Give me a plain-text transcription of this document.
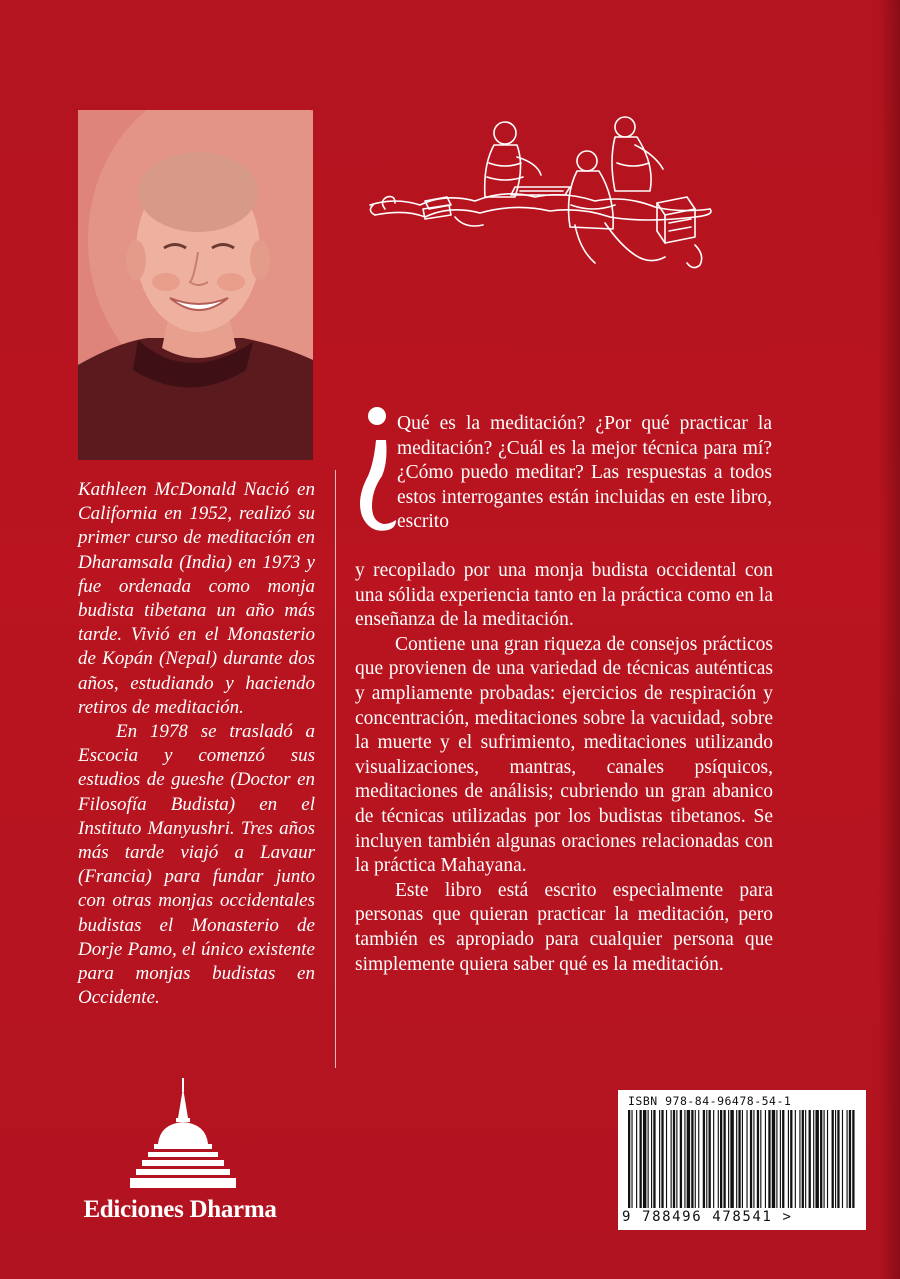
Kathleen McDonald Nació en California en 1952, realizó su primer curso de meditación en Dharamsala (India) en 1973 y fue ordenada como monja budista tibetana un año más tarde. Vivió en el Monasterio de Kopán (Nepal) durante dos años, estudiando y haciendo retiros de meditación.

En 1978 se trasladó a Escocia y comenzó sus estudios de gueshe (Doctor en Filosofía Budista) en el Instituto Manyushri. Tres años más tarde viajó a Lavaur (Francia) para fundar junto con otras monjas occidentales budistas el Monasterio de Dorje Pamo, el único existente para monjas budistas en Occidente.

Qué es la meditación? ¿Por qué practicar la meditación? ¿Cuál es la mejor técnica para mí? ¿Cómo puedo meditar? Las respuestas a todos estos interrogantes están incluidas en este libro, escrito

y recopilado por una monja budista occidental con una sólida experiencia tanto en la práctica como en la enseñanza de la meditación.

Contiene una gran riqueza de consejos prácticos que provienen de una variedad de técnicas auténticas y ampliamente probadas: ejercicios de respiración y concentración, meditaciones sobre la vacuidad, sobre la muerte y el sufrimiento, meditaciones utilizando visualizaciones, mantras, canales psíquicos, meditaciones de análisis; cubriendo un gran abanico de técnicas utilizadas por los budistas tibetanos. Se incluyen también algunas oraciones relacionadas con la práctica Mahayana.

Este libro está escrito especialmente para personas que quieran practicar la meditación, pero también es apropiado para cualquier persona que simplemente quiera saber qué es la meditación.

Ediciones Dharma
ISBN 978-84-96478-54-1
9 788496 478541 >
